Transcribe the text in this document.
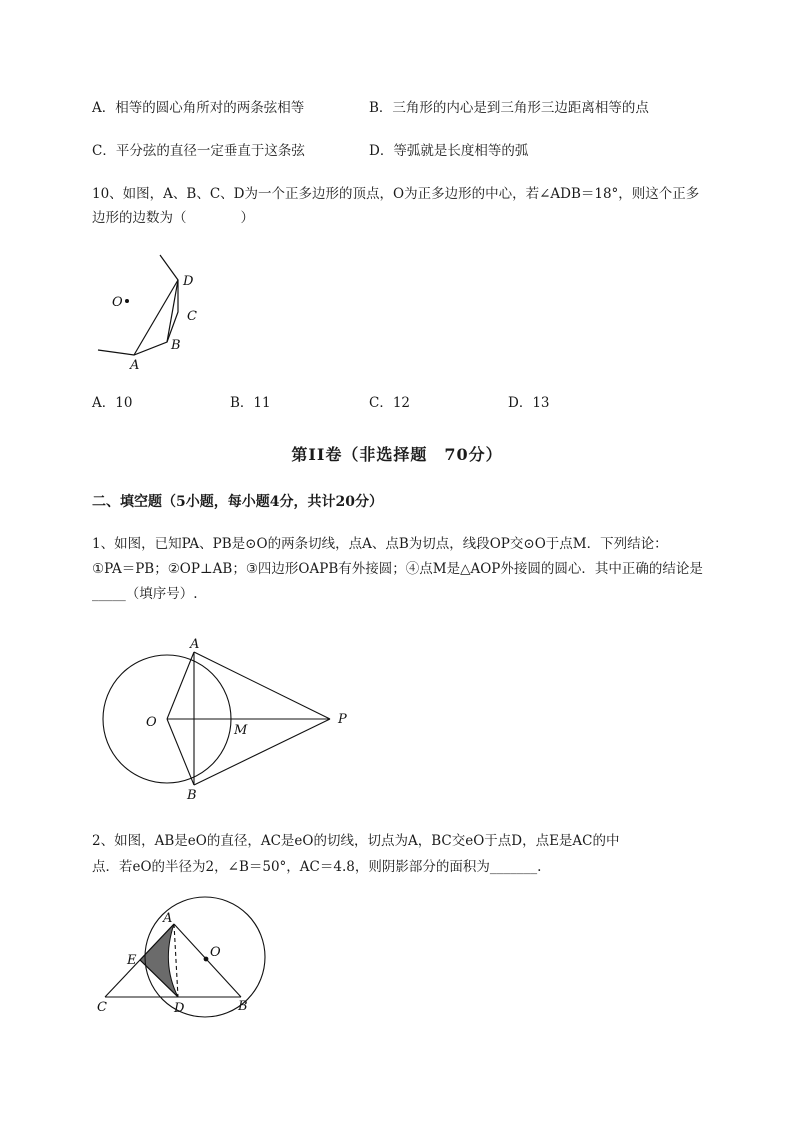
A．相等的圆心角所对的两条弦相等	B．三角形的内心是到三角形三边距离相等的点
C．平分弦的直径一定垂直于这条弦	D．等弧就是长度相等的弧
10、如图，A、B、C、D为一个正多边形的顶点，O为正多边形的中心，若∠ADB＝18°，则这个正多
边形的边数为（　　　　）
O
D
C
B
A
A．10	B．11	C．12	D．13
第II卷（非选择题　70分）
二、填空题（5小题，每小题4分，共计20分）
1、如图，已知PA、PB是⊙O的两条切线，点A、点B为切点，线段OP交⊙O于点M．下列结论：
①PA＝PB；②OP⊥AB；③四边形OAPB有外接圆；④点M是△AOP外接圆的圆心．其中正确的结论是
_____（填序号）.
A
O
M
P
B
2、如图，AB是eO的直径，AC是eO的切线，切点为A，BC交eO于点D，点E是AC的中
点．若eO的半径为2，∠B＝50°，AC＝4.8，则阴影部分的面积为_______.
A
O
E
C	D	B
